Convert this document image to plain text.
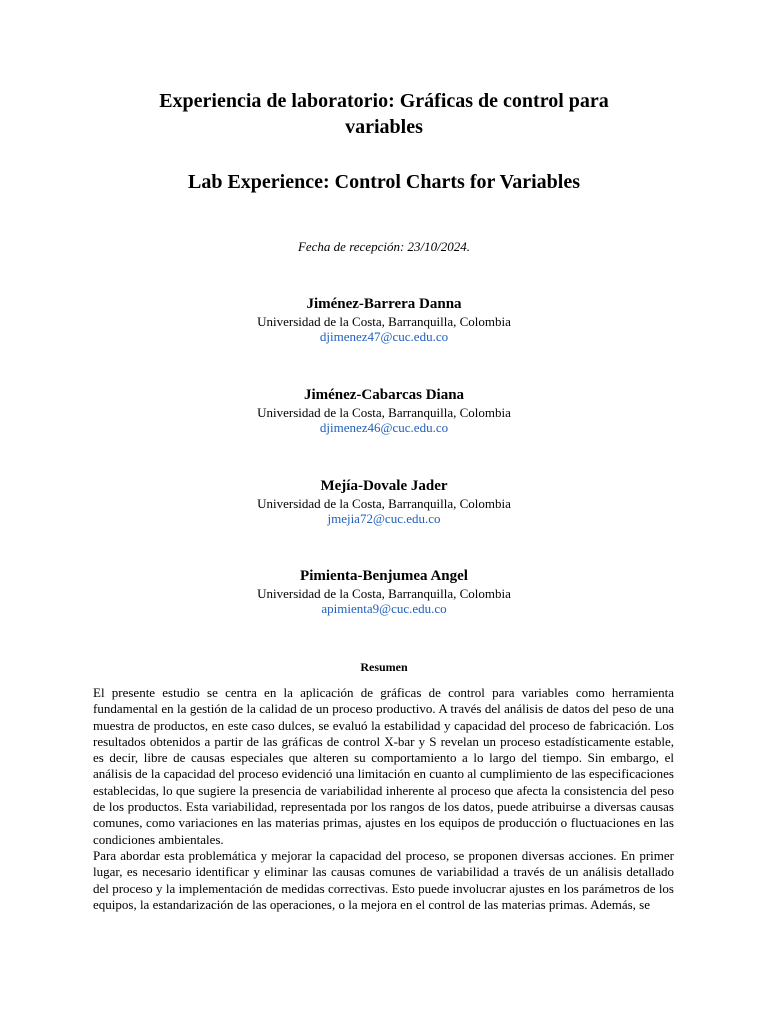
Experiencia de laboratorio: Gráficas de control para variables
Lab Experience: Control Charts for Variables
Fecha de recepción: 23/10/2024.
Jiménez-Barrera Danna
Universidad de la Costa, Barranquilla, Colombia
djimenez47@cuc.edu.co
Jiménez-Cabarcas Diana
Universidad de la Costa, Barranquilla, Colombia
djimenez46@cuc.edu.co
Mejía-Dovale Jader
Universidad de la Costa, Barranquilla, Colombia
jmejia72@cuc.edu.co
Pimienta-Benjumea Angel
Universidad de la Costa, Barranquilla, Colombia
apimienta9@cuc.edu.co
Resumen

El presente estudio se centra en la aplicación de gráficas de control para variables como herramienta fundamental en la gestión de la calidad de un proceso productivo. A través del análisis de datos del peso de una muestra de productos, en este caso dulces, se evaluó la estabilidad y capacidad del proceso de fabricación. Los resultados obtenidos a partir de las gráficas de control X-bar y S revelan un proceso estadísticamente estable, es decir, libre de causas especiales que alteren su comportamiento a lo largo del tiempo. Sin embargo, el análisis de la capacidad del proceso evidenció una limitación en cuanto al cumplimiento de las especificaciones establecidas, lo que sugiere la presencia de variabilidad inherente al proceso que afecta la consistencia del peso de los productos. Esta variabilidad, representada por los rangos de los datos, puede atribuirse a diversas causas comunes, como variaciones en las materias primas, ajustes en los equipos de producción o fluctuaciones en las condiciones ambientales.

Para abordar esta problemática y mejorar la capacidad del proceso, se proponen diversas acciones. En primer lugar, es necesario identificar y eliminar las causas comunes de variabilidad a través de un análisis detallado del proceso y la implementación de medidas correctivas. Esto puede involucrar ajustes en los parámetros de los equipos, la estandarización de las operaciones, o la mejora en el control de las materias primas. Además, se
